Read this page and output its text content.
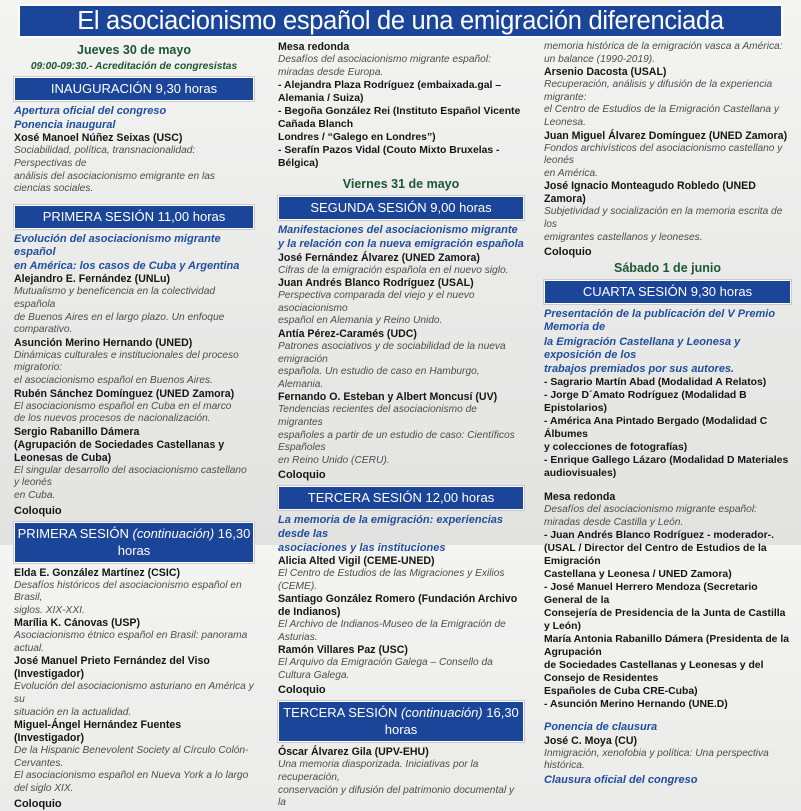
El asociacionismo español de una emigración diferenciada
Jueves 30 de mayo
09:00-09:30.- Acreditación de congresistas
INAUGURACIÓN 9,30 horas
Apertura oficial del congreso
Ponencia inaugural
Xosé Manoel Núñez Seixas (USC)
Sociabilidad, política, transnacionalidad: Perspectivas de
análisis del asociacionismo emigrante en las ciencias sociales.
PRIMERA SESIÓN 11,00 horas
Evolución del asociacionismo migrante español
en América: los casos de Cuba y Argentina
Alejandro E. Fernández (UNLu)
Mutualismo y beneficencia en la colectividad española
de Buenos Aires en el largo plazo. Un enfoque comparativo.
Asunción Merino Hernando (UNED)
Dinámicas culturales e institucionales del proceso migratorio:
el asociacionismo español en Buenos Aires.
Rubén Sánchez Domínguez (UNED Zamora)
El asociacionismo español en Cuba en el marco
de los nuevos procesos de nacionalización.
Sergio Rabanillo Dámera
(Agrupación de Sociedades Castellanas y Leonesas de Cuba)
El singular desarrollo del asociacionismo castellano y leonés
en Cuba.
Coloquio
PRIMERA SESIÓN (continuación) 16,30 horas
Elda E. González Martínez (CSIC)
Desafíos históricos del asociacionismo español en Brasil,
siglos. XIX-XXI.
Marília K. Cánovas (USP)
Asociacionismo étnico español en Brasil: panorama actual.
José Manuel Prieto Fernández del Viso
(Investigador)
Evolución del asociacionismo asturiano en América y su
situación en la actualidad.
Miguel-Ángel Hernández Fuentes (Investigador)
De la Hispanic Benevolent Society al Círculo Colón-Cervantes.
El asociacionismo español en Nueva York a lo largo del siglo XIX.
Coloquio
Mesa redonda
Desafíos del asociacionismo migrante español:
miradas desde Europa.
- Alejandra Plaza Rodríguez (embaixada.gal – Alemania / Suiza)
- Begoña González Rei (Instituto Español Vicente Cañada Blanch
Londres / “Galego en Londres”)
- Serafín Pazos Vidal (Couto Mixto Bruxelas - Bélgica)
Viernes 31 de mayo
SEGUNDA SESIÓN 9,00 horas
Manifestaciones del asociacionismo migrante
y la relación con la nueva emigración española
José Fernández Álvarez (UNED Zamora)
Cifras de la emigración española en el nuevo siglo.
Juan Andrés Blanco Rodríguez (USAL)
Perspectiva comparada del viejo y el nuevo asociacionismo
español en Alemania y Reino Unido.
Antía Pérez-Caramés (UDC)
Patrones asociativos y de sociabilidad de la nueva emigración
española. Un estudio de caso en Hamburgo, Alemania.
Fernando O. Esteban y Albert Moncusí (UV)
Tendencias recientes del asociacionismo de migrantes
españoles a partir de un estudio de caso: Científicos Españoles
en Reino Unido (CERU).
Coloquio
TERCERA SESIÓN 12,00 horas
La memoria de la emigración: experiencias desde las
asociaciones y las instituciones
Alicia Alted Vigil (CEME-UNED)
El Centro de Estudios de las Migraciones y Exilios (CEME).
Santiago González Romero (Fundación Archivo de Indianos)
El Archivo de Indianos-Museo de la Emigración de Asturias.
Ramón Villares Paz (USC)
El Arquivo da Emigración Galega – Consello da Cultura Galega.
Coloquio
TERCERA SESIÓN (continuación) 16,30 horas
Óscar Álvarez Gila (UPV-EHU)
Una memoria diasporizada. Iniciativas por la recuperación,
conservación y difusión del patrimonio documental y la
memoria histórica de la emigración vasca a América:
un balance (1990-2019).
Arsenio Dacosta (USAL)
Recuperación, análisis y difusión de la experiencia migrante:
el Centro de Estudios de la Emigración Castellana y Leonesa.
Juan Miguel Álvarez Domínguez (UNED Zamora)
Fondos archivísticos del asociacionismo castellano y leonés
en América.
José Ignacio Monteagudo Robledo (UNED Zamora)
Subjetividad y socialización en la memoria escrita de los
emigrantes castellanos y leoneses.
Coloquio
Sábado 1 de junio
CUARTA SESIÓN 9,30 horas
Presentación de la publicación del V Premio Memoria de
la Emigración Castellana y Leonesa y exposición de los
trabajos premiados por sus autores.
- Sagrario Martín Abad (Modalidad A Relatos)
- Jorge D´Amato Rodríguez (Modalidad B Epistolarios)
- América Ana Pintado Bergado (Modalidad C Álbumes
y colecciones de fotografías)
- Enrique Gallego Lázaro (Modalidad D Materiales
audiovisuales)
Mesa redonda
Desafíos del asociacionismo migrante español:
miradas desde Castilla y León.
- Juan Andrés Blanco Rodríguez - moderador-.
(USAL / Director del Centro de Estudios de la Emigración
Castellana y Leonesa / UNED Zamora)
- José Manuel Herrero Mendoza (Secretario General de la
Consejería de Presidencia de la Junta de Castilla y León)
María Antonia Rabanillo Dámera (Presidenta de la Agrupación
de Sociedades Castellanas y Leonesas y del Consejo de Residentes
Españoles de Cuba CRE-Cuba)
- Asunción Merino Hernando (UNE.D)
Ponencia de clausura
José C. Moya (CU)
Inmigración, xenofobia y política: Una perspectiva histórica.
Clausura oficial del congreso
